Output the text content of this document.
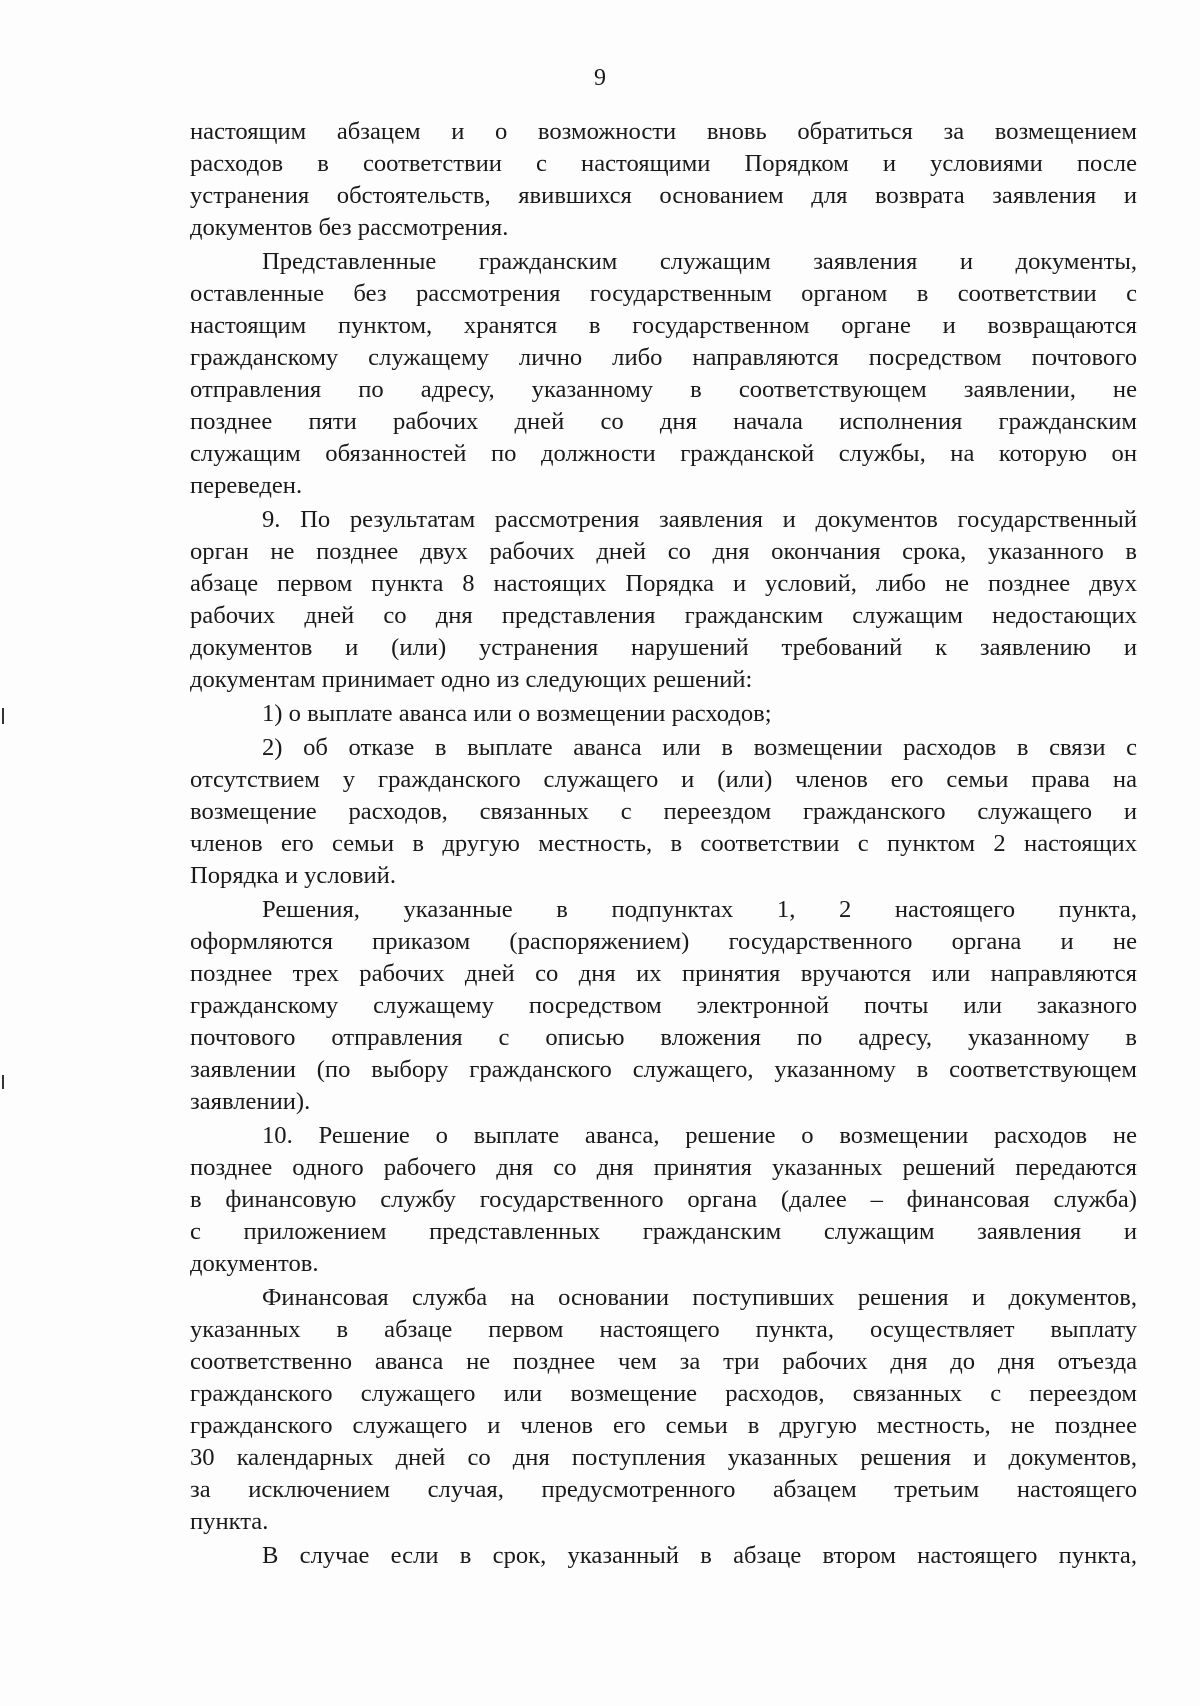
9
настоящим абзацем и о возможности вновь обратиться за возмещением
расходов в соответствии с настоящими Порядком и условиями после
устранения обстоятельств, явившихся основанием для возврата заявления и
документов без рассмотрения.
Представленные гражданским служащим заявления и документы,
оставленные без рассмотрения государственным органом в соответствии с
настоящим пунктом, хранятся в государственном органе и возвращаются
гражданскому служащему лично либо направляются посредством почтового
отправления по адресу, указанному в соответствующем заявлении, не
позднее пяти рабочих дней со дня начала исполнения гражданским
служащим обязанностей по должности гражданской службы, на которую он
переведен.
9. По результатам рассмотрения заявления и документов государственный
орган не позднее двух рабочих дней со дня окончания срока, указанного в
абзаце первом пункта 8 настоящих Порядка и условий, либо не позднее двух
рабочих дней со дня представления гражданским служащим недостающих
документов и (или) устранения нарушений требований к заявлению и
документам принимает одно из следующих решений:
1) о выплате аванса или о возмещении расходов;
2) об отказе в выплате аванса или в возмещении расходов в связи с
отсутствием у гражданского служащего и (или) членов его семьи права на
возмещение расходов, связанных с переездом гражданского служащего и
членов его семьи в другую местность, в соответствии с пунктом 2 настоящих
Порядка и условий.
Решения, указанные в подпунктах 1, 2 настоящего пункта,
оформляются приказом (распоряжением) государственного органа и не
позднее трех рабочих дней со дня их принятия вручаются или направляются
гражданскому служащему посредством электронной почты или заказного
почтового отправления с описью вложения по адресу, указанному в
заявлении (по выбору гражданского служащего, указанному в соответствующем
заявлении).
10. Решение о выплате аванса, решение о возмещении расходов не
позднее одного рабочего дня со дня принятия указанных решений передаются
в финансовую службу государственного органа (далее – финансовая служба)
с приложением представленных гражданским служащим заявления и
документов.
Финансовая служба на основании поступивших решения и документов,
указанных в абзаце первом настоящего пункта, осуществляет выплату
соответственно аванса не позднее чем за три рабочих дня до дня отъезда
гражданского служащего или возмещение расходов, связанных с переездом
гражданского служащего и членов его семьи в другую местность, не позднее
30 календарных дней со дня поступления указанных решения и документов,
за исключением случая, предусмотренного абзацем третьим настоящего
пункта.
В случае если в срок, указанный в абзаце втором настоящего пункта,
